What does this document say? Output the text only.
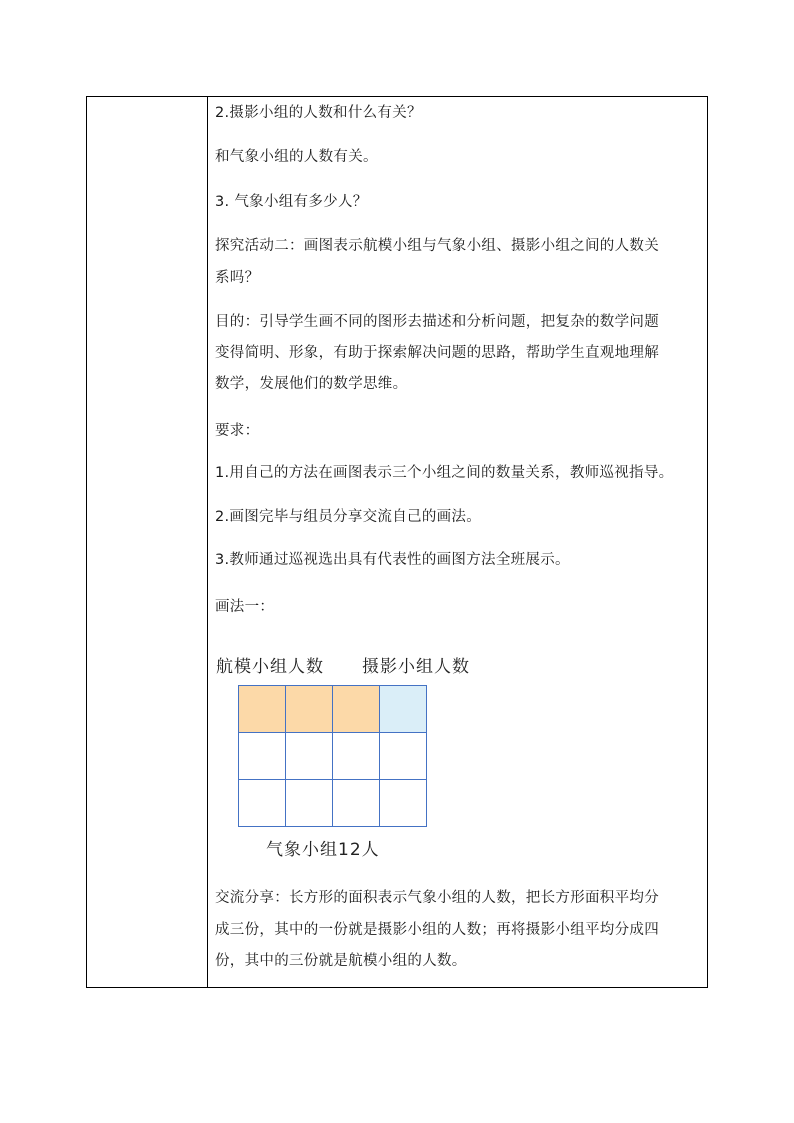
2.摄影小组的人数和什么有关？
和气象小组的人数有关。
3. 气象小组有多少人？
探究活动二：画图表示航模小组与气象小组、摄影小组之间的人数关
系吗？
目的：引导学生画不同的图形去描述和分析问题，把复杂的数学问题
变得简明、形象，有助于探索解决问题的思路，帮助学生直观地理解
数学，发展他们的数学思维。
要求：
1.用自己的方法在画图表示三个小组之间的数量关系，教师巡视指导。
2.画图完毕与组员分享交流自己的画法。
3.教师通过巡视选出具有代表性的画图方法全班展示。
画法一：
航模小组人数 摄影小组人数
气象小组12人
交流分享：长方形的面积表示气象小组的人数，把长方形面积平均分
成三份，其中的一份就是摄影小组的人数；再将摄影小组平均分成四
份，其中的三份就是航模小组的人数。
